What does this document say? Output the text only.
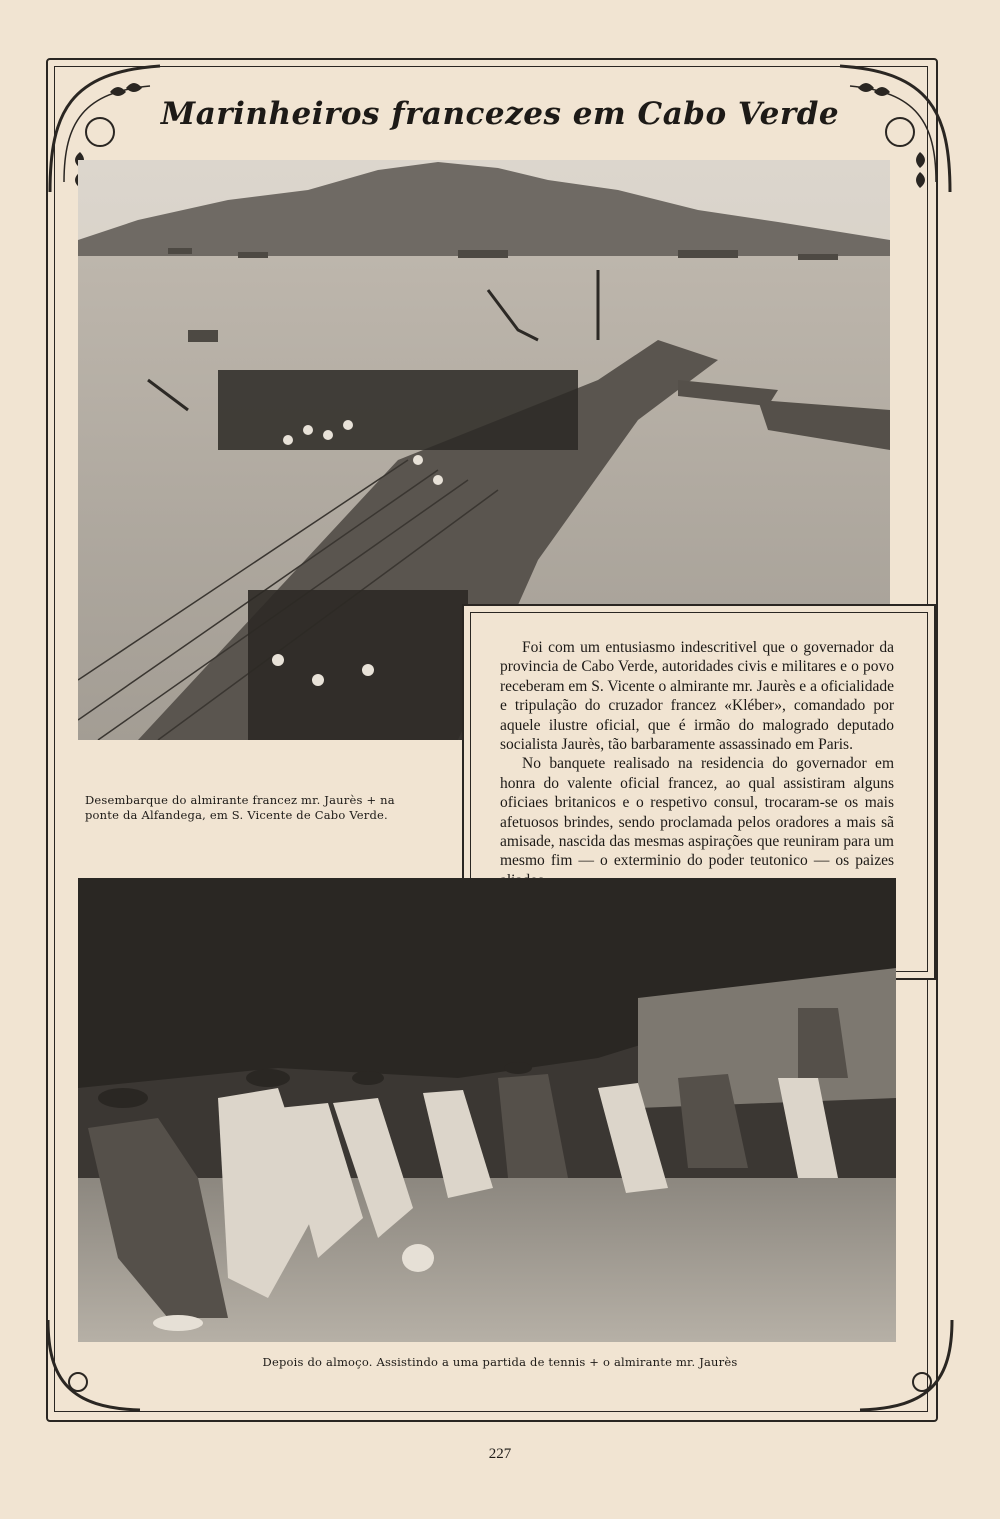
Marinheiros francezes em Cabo Verde
Desembarque do almirante francez mr. Jaurès + na
ponte da Alfandega, em S. Vicente de Cabo Verde.

Foi com um entusiasmo indescritivel que o governador da provincia de Cabo Verde, autoridades civis e militares e o povo receberam em S. Vicente o almirante mr. Jaurès e a oficialidade e tripulação do cruzador francez «Kléber», comandado por aquele ilustre oficial, que é irmão do malogrado deputado socialista Jaurès, tão barbaramente assassinado em Paris.

No banquete realisado na residencia do governador em honra do valente oficial francez, ao qual assistiram alguns oficiaes britanicos e o respetivo consul, trocaram-se os mais afetuosos brindes, sendo proclamada pelos oradores a mais sã amisade, nascida das mesmas aspirações que reuniram para um mesmo fim — o exterminio do poder teutonico — os paizes

Depois do almoço. Assistindo a uma partida de tennis + o almirante mr. Jaurès
227
